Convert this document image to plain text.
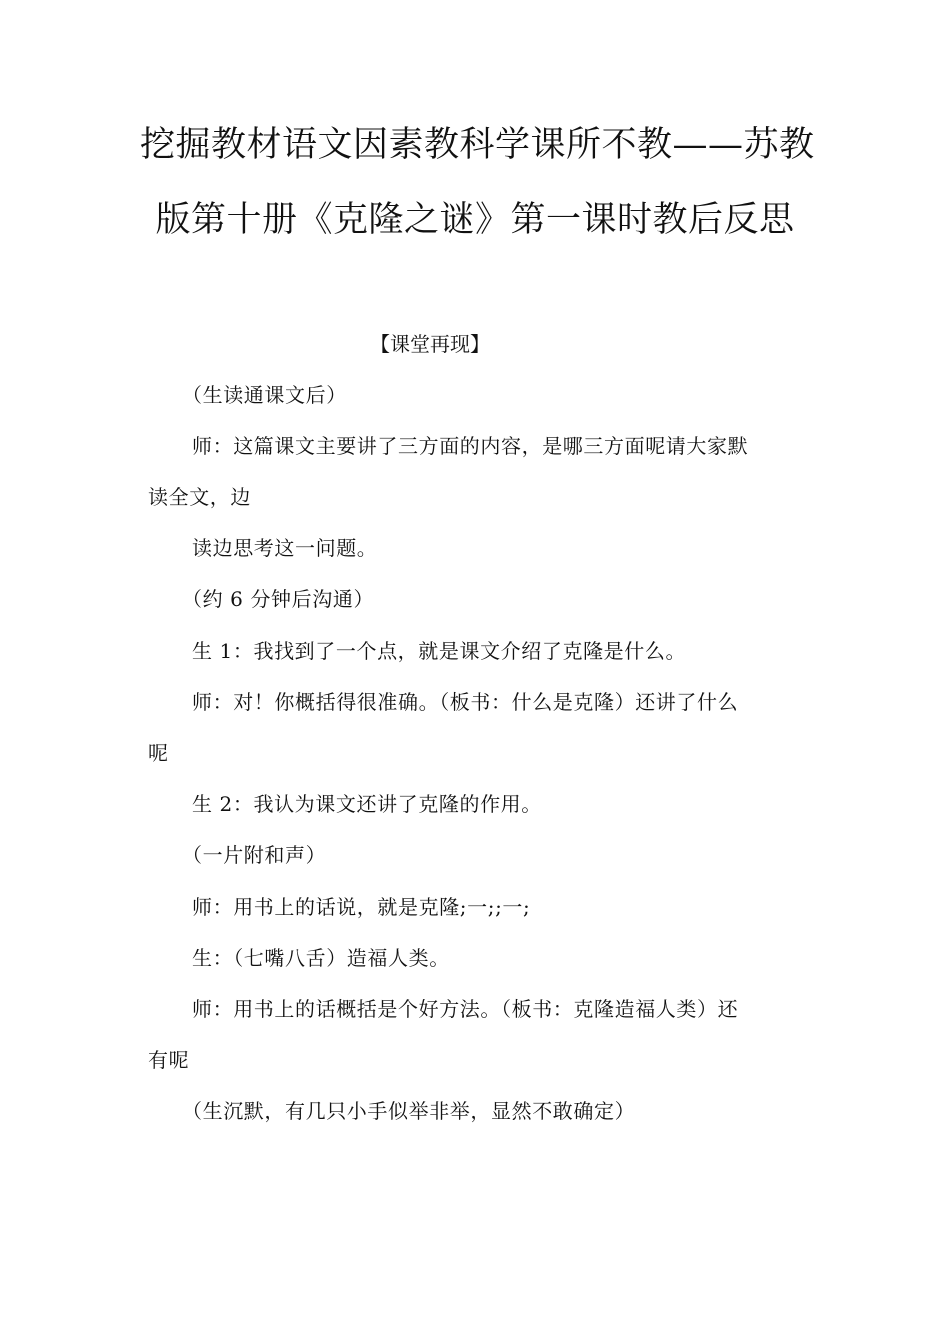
挖掘教材语文因素教科学课所不教——苏教
版第十册《克隆之谜》第一课时教后反思
【课堂再现】
（生读通课文后）
师：这篇课文主要讲了三方面的内容，是哪三方面呢请大家默
读全文，边
读边思考这一问题。
（约 6 分钟后沟通）
生 1：我找到了一个点，就是课文介绍了克隆是什么。
师：对！你概括得很准确。（板书：什么是克隆）还讲了什么
呢
生 2：我认为课文还讲了克隆的作用。
（一片附和声）
师：用书上的话说，就是克隆;一;;一;
生：（七嘴八舌）造福人类。
师：用书上的话概括是个好方法。（板书：克隆造福人类）还
有呢
（生沉默，有几只小手似举非举，显然不敢确定）
